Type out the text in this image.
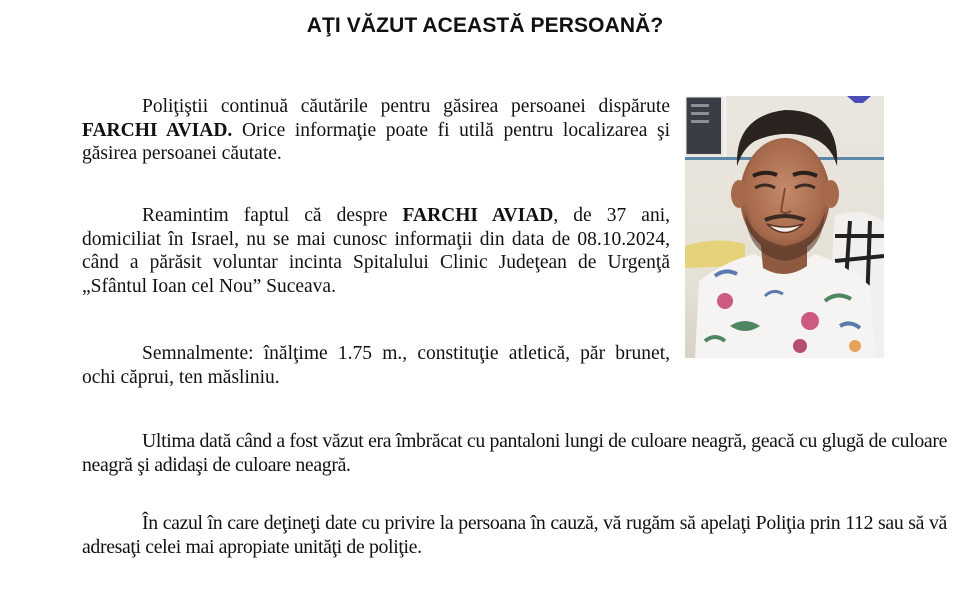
AŢI VĂZUT ACEASTĂ PERSOANĂ?

Poliţiştii continuă căutările pentru găsirea persoanei dispărute FARCHI AVIAD. Orice informaţie poate fi utilă pentru localizarea şi găsirea persoanei căutate.

Reamintim faptul că despre FARCHI AVIAD, de 37 ani, domiciliat în Israel, nu se mai cunosc informaţii din data de 08.10.2024, când a părăsit voluntar incinta Spitalului Clinic Judeţean de Urgenţă „Sfântul Ioan cel Nou” Suceava.

Semnalmente: înălţime 1.75 m., constituţie atletică, păr brunet, ochi căprui, ten măsliniu.

Ultima dată când a fost văzut era îmbrăcat cu pantaloni lungi de culoare neagră, geacă cu glugă de culoare neagră şi adidaşi de culoare neagră.

În cazul în care deţineţi date cu privire la persoana în cauză, vă rugăm să apelaţi Poliţia prin 112 sau să vă adresaţi celei mai apropiate unităţi de poliţie.
